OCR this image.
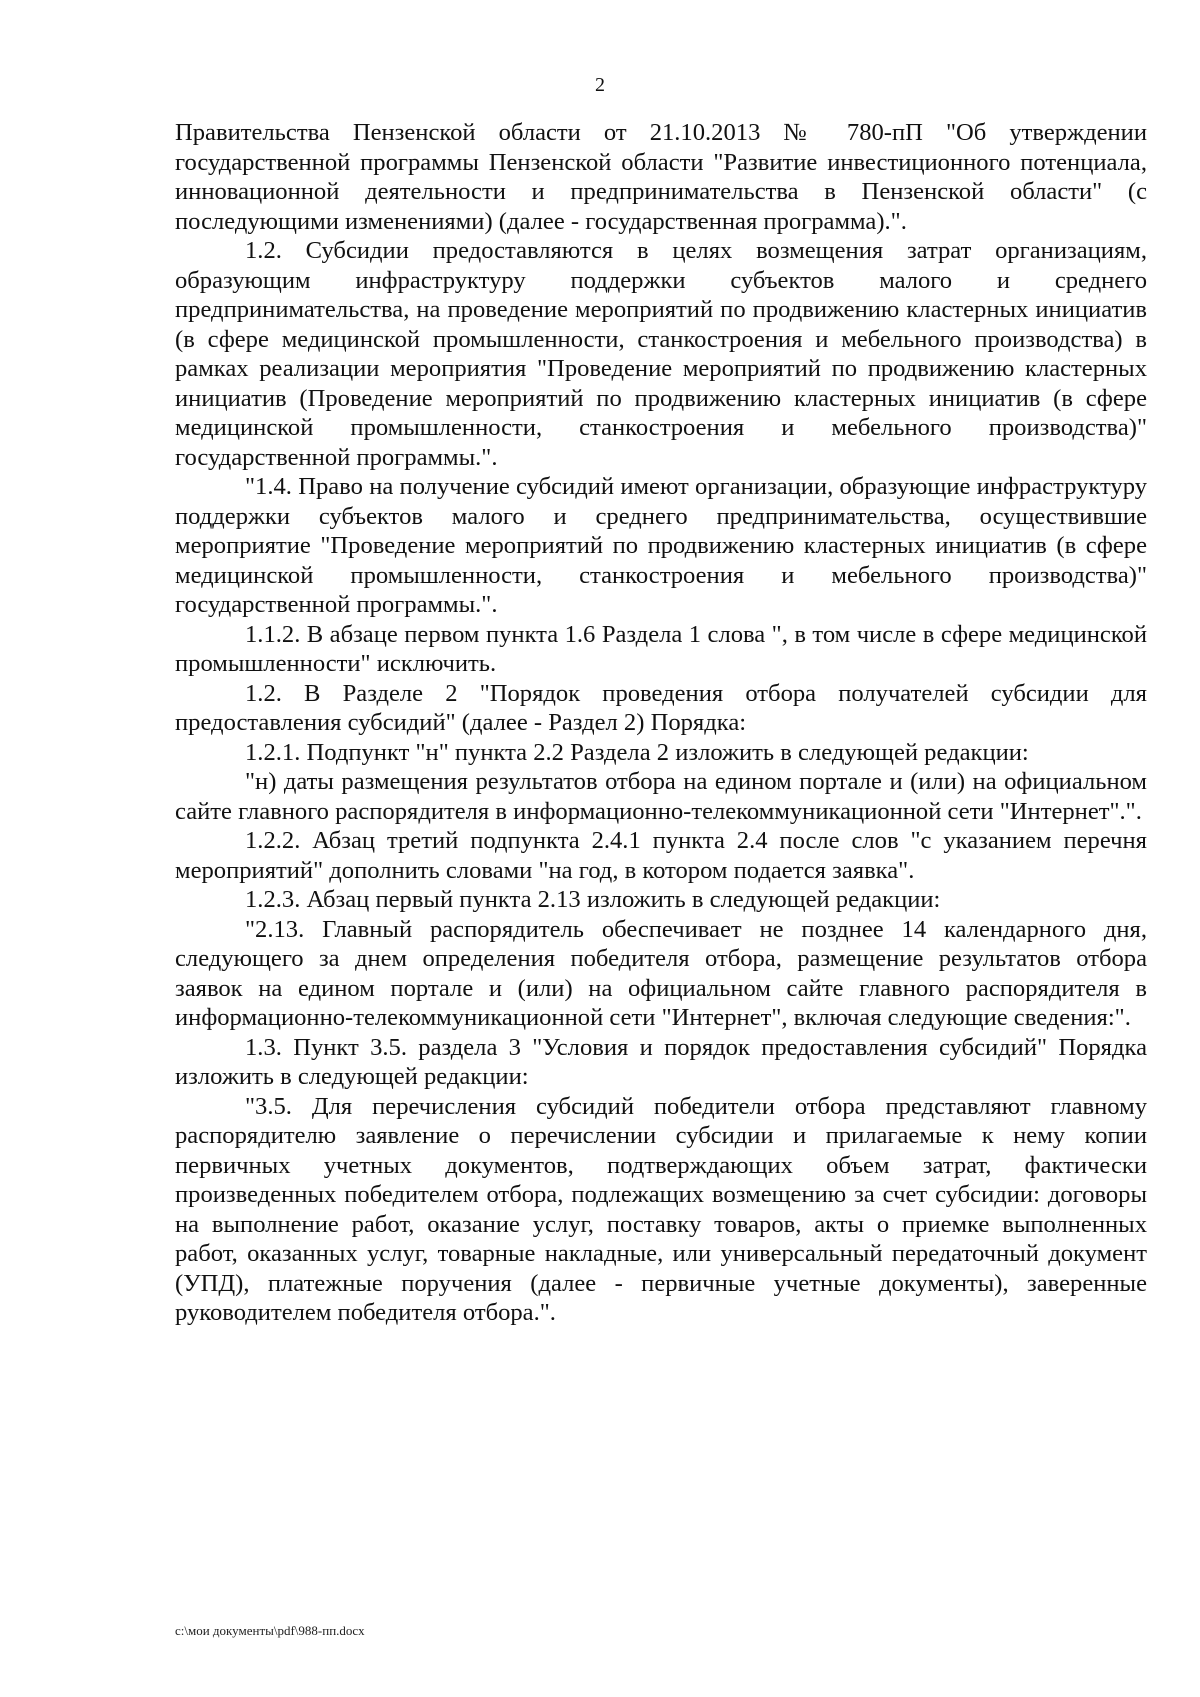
2

Правительства Пензенской области от 21.10.2013 № 780-пП "Об утверждении государственной программы Пензенской области "Развитие инвестиционного потенциала, инновационной деятельности и предпринимательства в Пензенской области" (с последующими изменениями) (далее - государственная программа).".

1.2. Субсидии предоставляются в целях возмещения затрат организациям, образующим инфраструктуру поддержки субъектов малого и среднего предпринимательства, на проведение мероприятий по продвижению кластерных инициатив (в сфере медицинской промышленности, станкостроения и мебельного производства) в рамках реализации мероприятия "Проведение мероприятий по продвижению кластерных инициатив (Проведение мероприятий по продвижению кластерных инициатив (в сфере медицинской промышленности, станкостроения и мебельного производства)" государственной программы.".

"1.4. Право на получение субсидий имеют организации, образующие инфраструктуру поддержки субъектов малого и среднего предпринимательства, осуществившие мероприятие "Проведение мероприятий по продвижению кластерных инициатив (в сфере медицинской промышленности, станкостроения и мебельного производства)" государственной программы.".

1.1.2. В абзаце первом пункта 1.6 Раздела 1 слова ", в том числе в сфере медицинской промышленности" исключить.

1.2. В Разделе 2 "Порядок проведения отбора получателей субсидии для предоставления субсидий" (далее - Раздел 2) Порядка:

1.2.1. Подпункт "н" пункта 2.2 Раздела 2 изложить в следующей редакции:

"н) даты размещения результатов отбора на едином портале и (или) на официальном сайте главного распорядителя в информационно-телекоммуникационной сети "Интернет".".

1.2.2. Абзац третий подпункта 2.4.1 пункта 2.4 после слов "с указанием перечня мероприятий" дополнить словами "на год, в котором подается заявка".

1.2.3. Абзац первый пункта 2.13 изложить в следующей редакции:

"2.13. Главный распорядитель обеспечивает не позднее 14 календарного дня, следующего за днем определения победителя отбора, размещение результатов отбора заявок на едином портале и (или) на официальном сайте главного распорядителя в информационно-телекоммуникационной сети "Интернет", включая следующие сведения:".

1.3. Пункт 3.5. раздела 3 "Условия и порядок предоставления субсидий" Порядка изложить в следующей редакции:

"3.5. Для перечисления субсидий победители отбора представляют главному распорядителю заявление о перечислении субсидии и прилагаемые к нему копии первичных учетных документов, подтверждающих объем затрат, фактически произведенных победителем отбора, подлежащих возмещению за счет субсидии: договоры на выполнение работ, оказание услуг, поставку товаров, акты о приемке выполненных работ, оказанных услуг, товарные накладные, или универсальный передаточный документ (УПД), платежные поручения (далее - первичные учетные документы), заверенные руководителем победителя отбора.".

c:\мои документы\pdf\988-пп.docx
